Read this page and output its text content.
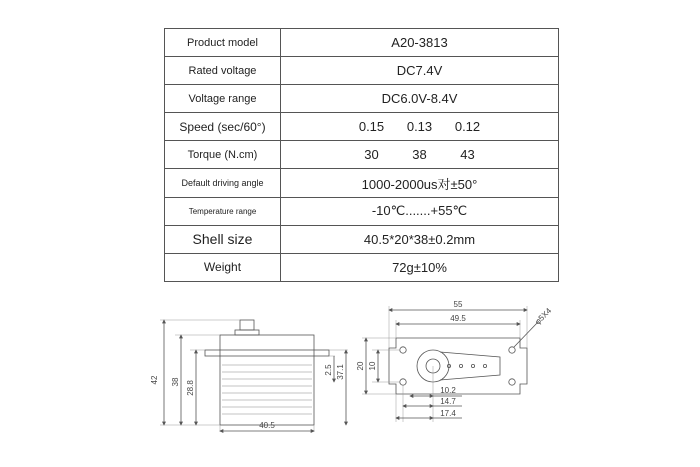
Product model	A20-3813
Rated voltage	DC7.4V
Voltage range	DC6.0V-8.4V
Speed (sec/60°)	0.15 0.13 0.12
Torque (N.cm)	30 38 43
Default driving angle	1000-2000us对±50°
Temperature range	-10℃.......+55℃
Shell size	40.5*20*38±0.2mm
Weight	72g±10%
42 38 28.8
40.5
2.5 37.1
55
49.5	φ5X4
20 10
10.2
14.7
17.4
